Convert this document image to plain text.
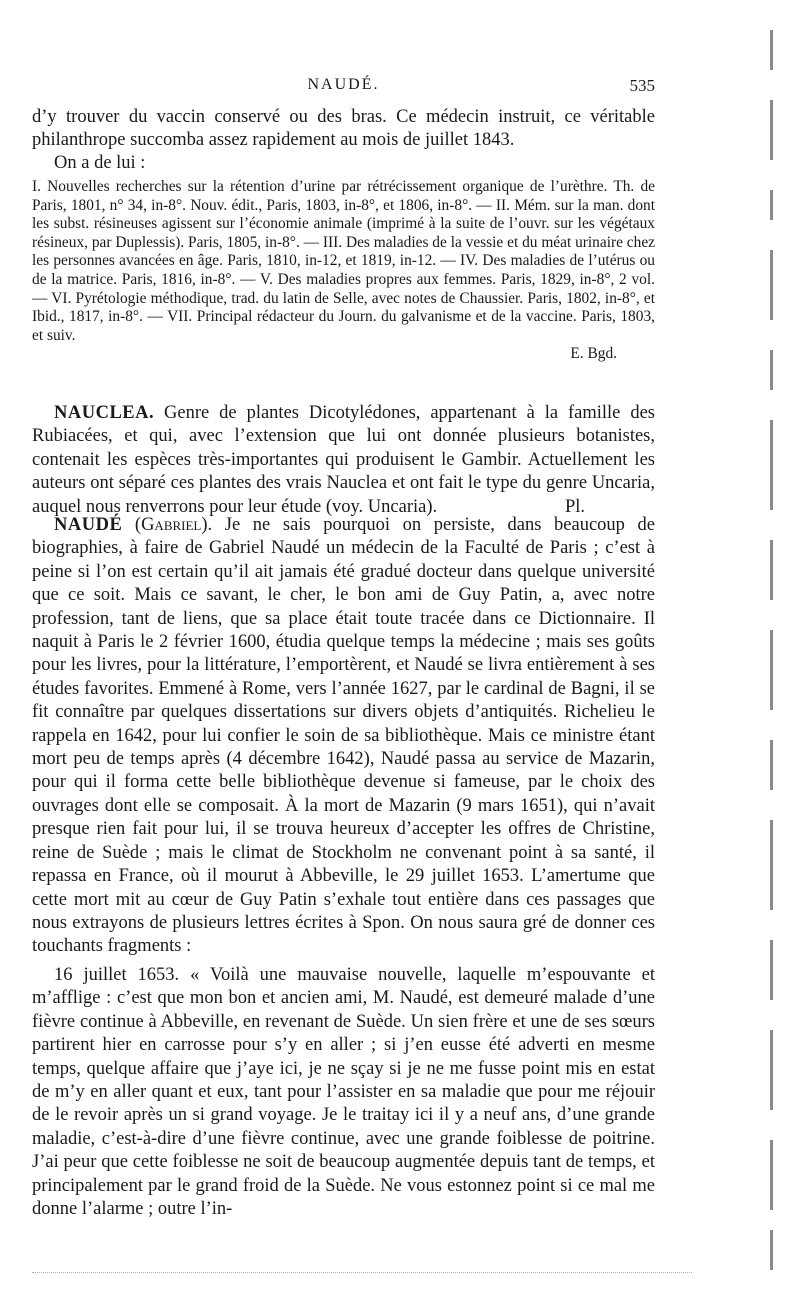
NAUDÉ.	535
d’y trouver du vaccin conservé ou des bras. Ce médecin instruit, ce véritable philanthrope succomba assez rapidement au mois de juillet 1843.
On a de lui :
I. Nouvelles recherches sur la rétention d’urine par rétrécissement organique de l’urèthre. Th. de Paris, 1801, n° 34, in-8°. Nouv. édit., Paris, 1803, in-8°, et 1806, in-8°. — II. Mém. sur la man. dont les subst. résineuses agissent sur l’économie animale (imprimé à la suite de l’ouvr. sur les végétaux résineux, par Duplessis). Paris, 1805, in-8°. — III. Des maladies de la vessie et du méat urinaire chez les personnes avancées en âge. Paris, 1810, in-12, et 1819, in-12. — IV. Des maladies de l’utérus ou de la matrice. Paris, 1816, in-8°. — V. Des maladies propres aux femmes. Paris, 1829, in-8°, 2 vol. — VI. Pyrétologie méthodique, trad. du latin de Selle, avec notes de Chaussier. Paris, 1802, in-8°, et Ibid., 1817, in-8°. — VII. Principal rédacteur du Journ. du galvanisme et de la vaccine. Paris, 1803, et suiv.
E. Bgd.
NAUCLEA. Genre de plantes Dicotylédones, appartenant à la famille des Rubiacées, et qui, avec l’extension que lui ont donnée plusieurs botanistes, contenait les espèces très-importantes qui produisent le Gambir. Actuellement les auteurs ont séparé ces plantes des vrais Nauclea et ont fait le type du genre Uncaria, auquel nous renverrons pour leur étude (voy. Uncaria).	Pl.
NAUDÉ (Gabriel). Je ne sais pourquoi on persiste, dans beaucoup de biographies, à faire de Gabriel Naudé un médecin de la Faculté de Paris ; c’est à peine si l’on est certain qu’il ait jamais été gradué docteur dans quelque université que ce soit. Mais ce savant, le cher, le bon ami de Guy Patin, a, avec notre profession, tant de liens, que sa place était toute tracée dans ce Dictionnaire. Il naquit à Paris le 2 février 1600, étudia quelque temps la médecine ; mais ses goûts pour les livres, pour la littérature, l’emportèrent, et Naudé se livra entièrement à ses études favorites. Emmené à Rome, vers l’année 1627, par le cardinal de Bagni, il se fit connaître par quelques dissertations sur divers objets d’antiquités. Richelieu le rappela en 1642, pour lui confier le soin de sa bibliothèque. Mais ce ministre étant mort peu de temps après (4 décembre 1642), Naudé passa au service de Mazarin, pour qui il forma cette belle bibliothèque devenue si fameuse, par le choix des ouvrages dont elle se composait. À la mort de Mazarin (9 mars 1651), qui n’avait presque rien fait pour lui, il se trouva heureux d’accepter les offres de Christine, reine de Suède ; mais le climat de Stockholm ne convenant point à sa santé, il repassa en France, où il mourut à Abbeville, le 29 juillet 1653. L’amertume que cette mort mit au cœur de Guy Patin s’exhale tout entière dans ces passages que nous extrayons de plusieurs lettres écrites à Spon. On nous saura gré de donner ces touchants fragments :
16 juillet 1653. « Voilà une mauvaise nouvelle, laquelle m’espouvante et m’afflige : c’est que mon bon et ancien ami, M. Naudé, est demeuré malade d’une fièvre continue à Abbeville, en revenant de Suède. Un sien frère et une de ses sœurs partirent hier en carrosse pour s’y en aller ; si j’en eusse été adverti en mesme temps, quelque affaire que j’aye ici, je ne sçay si je ne me fusse point mis en estat de m’y en aller quant et eux, tant pour l’assister en sa maladie que pour me réjouir de le revoir après un si grand voyage. Je le traitay ici il y a neuf ans, d’une grande maladie, c’est-à-dire d’une fièvre continue, avec une grande foiblesse de poitrine. J’ai peur que cette foiblesse ne soit de beaucoup augmentée depuis tant de temps, et principalement par le grand froid de la Suède. Ne vous estonnez point si ce mal me donne l’alarme ; outre l’in-
